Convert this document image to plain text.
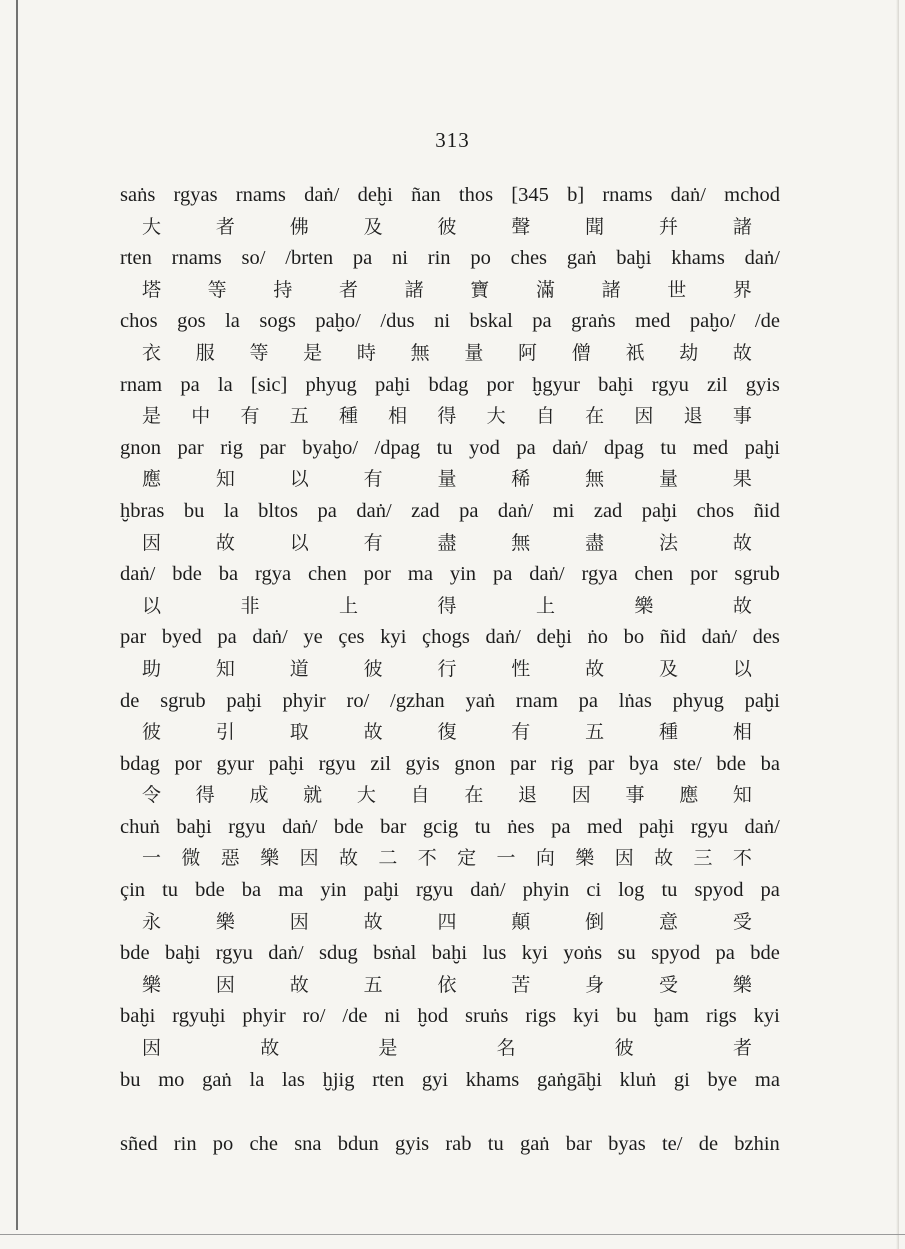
313
saṅs rgyas rnams daṅ/ deḫi ñan thos [345 b] rnams daṅ/ mchod
大	者	佛	及	彼	聲	聞	幷	諸
rten rnams so/ /brten pa ni rin po ches gaṅ baḫi khams daṅ/
塔 等 持 者 諸 寶 滿 諸 世 界
chos gos la sogs paḫo/ /dus ni bskal pa graṅs med paḫo/ /de
衣 服 等 是 時 無 量 阿 僧 祇 劫 故
rnam pa la [sic] phyug paḫi bdag por ḫgyur baḫi rgyu zil gyis
是 中 有 五 種 相 得 大 自 在 因 退 事
gnon par rig par byaḫo/ /dpag tu yod pa daṅ/ dpag tu med paḫi
應	知	以	有	量	稀	無	量	果
ḫbras bu la bltos pa daṅ/ zad pa daṅ/ mi zad paḫi chos ñid
因	故	以	有	盡	無	盡	法	故
daṅ/ bde ba rgya chen por ma yin pa daṅ/ rgya chen por sgrub
以	非	上	得	上	樂	故
par byed pa daṅ/ ye çes kyi çhogs daṅ/ deḫi ṅo bo ñid daṅ/ des
助	知	道	彼	行	性	故	及	以
de sgrub paḫi phyir ro/ /gzhan yaṅ rnam pa lṅas phyug paḫi
彼	引	取	故	復	有	五	種	相
bdag por gyur paḫi rgyu zil gyis gnon par rig par bya ste/ bde ba
令 得 成 就 大 自 在 退 因 事 應 知
chuṅ baḫi rgyu daṅ/ bde bar gcig tu ṅes pa med paḫi rgyu daṅ/
一 微 惡 樂 因 故 二 不 定 一 向 樂 因 故 三 不
çin tu bde ba ma yin paḫi rgyu daṅ/ phyin ci log tu spyod pa
永	樂	因	故	四	顛	倒	意	受
bde baḫi rgyu daṅ/ sdug bsṅal baḫi lus kyi yoṅs su spyod pa bde
樂	因	故	五	依	苦	身	受	樂
baḫi rgyuḫi phyir ro/ /de ni ḫod sruṅs rigs kyi bu ḫam rigs kyi
因	故	是	名	彼	者
bu mo gaṅ la las ḫjig rten gyi khams gaṅgāḫi kluṅ gi bye ma
sñed rin po che sna bdun gyis rab tu gaṅ bar byas te/ de bzhin
